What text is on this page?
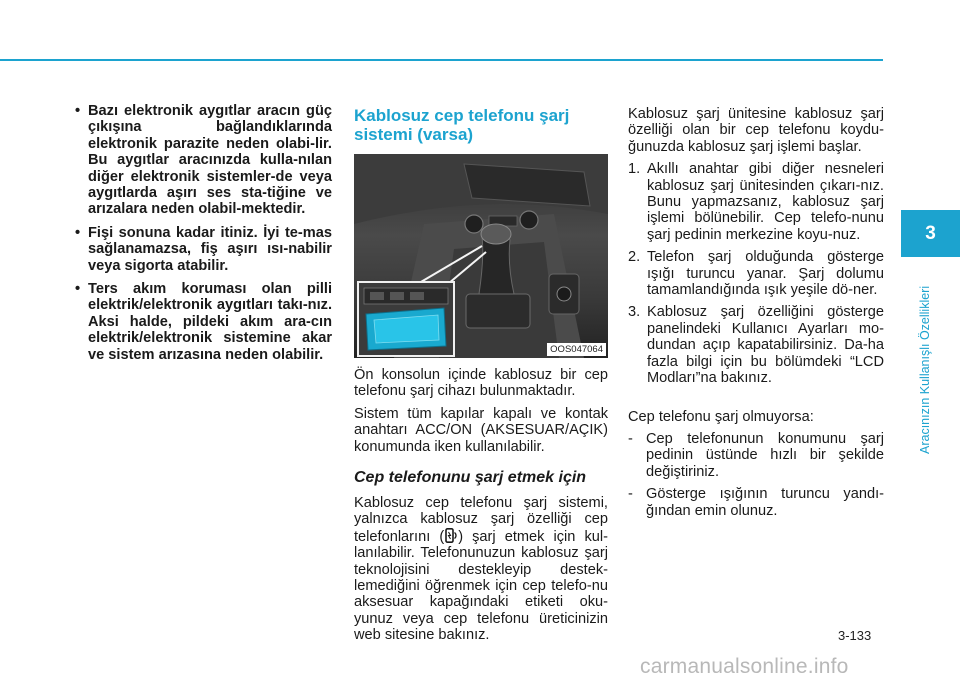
• Bazı elektronik aygıtlar aracın güç çıkışına bağlandıklarında elektronik parazite neden olabi-lir. Bu aygıtlar aracınızda kulla-nılan diğer elektronik sistemler-de veya aygıtlarda aşırı ses sta-tiğine ve arızalara neden olabil-mektedir.
• Fişi sonuna kadar itiniz. İyi te-mas sağlanamazsa, fiş aşırı ısı-nabilir veya sigorta atabilir.
• Ters akım koruması olan pilli elektrik/elektronik aygıtları takı-nız. Aksi halde, pildeki akım ara-cın elektrik/elektronik sistemine akar ve sistem arızasına neden olabilir.
Kablosuz cep telefonu şarj sistemi (varsa)
OOS047064

Ön konsolun içinde kablosuz bir cep telefonu şarj cihazı bulunmaktadır.

Sistem tüm kapılar kapalı ve kontak anahtarı ACC/ON (AKSESUAR/AÇIK) konumunda iken kullanılabilir.

Cep telefonunu şarj etmek için

Kablosuz cep telefonu şarj sistemi, yalnızca kablosuz şarj özelliği cep telefonlarını ( ) şarj etmek için kul-lanılabilir. Telefonunuzun kablosuz şarj teknolojisini destekleyip destek-lemediğini öğrenmek için cep telefo-nu aksesuar kapağındaki etiketi oku-yunuz veya cep telefonu üreticinizin web sitesine bakınız.

Kablosuz şarj ünitesine kablosuz şarj özelliği olan bir cep telefonu koydu-ğunuzda kablosuz şarj işlemi başlar.

1. Akıllı anahtar gibi diğer nesneleri kablosuz şarj ünitesinden çıkarı-nız. Bunu yapmazsanız, kablosuz şarj işlemi bölünebilir. Cep telefo-nunu şarj pedinin merkezine koyu-nuz.
2. Telefon şarj olduğunda gösterge ışığı turuncu yanar. Şarj dolumu tamamlandığında ışık yeşile dö-ner.
3. Kablosuz şarj özelliğini gösterge panelindeki Kullanıcı Ayarları mo-dundan açıp kapatabilirsiniz. Da-ha fazla bilgi için bu bölümdeki “LCD Modları”na bakınız.

Cep telefonu şarj olmuyorsa:

- Cep telefonunun konumunu şarj pedinin üstünde hızlı bir şekilde değiştiriniz.
- Gösterge ışığının turuncu yandı-ğından emin olunuz.
3
Aracınızın Kullanışlı Özellikleri
3-133
carmanualsonline.info
